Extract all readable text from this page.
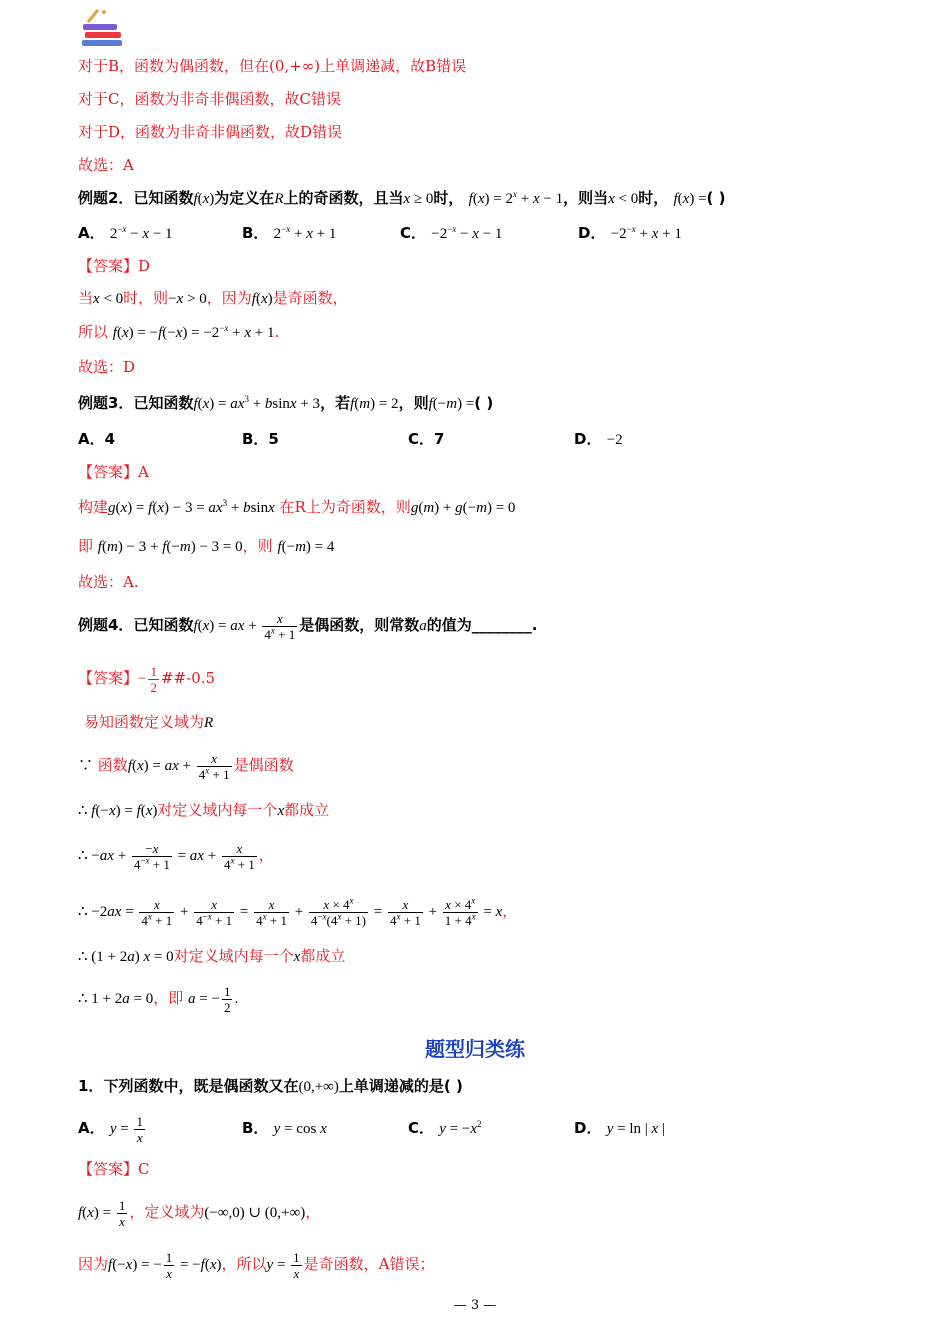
对于B，函数为偶函数，但在(0,+∞)上单调递减，故B错误
对于C，函数为非奇非偶函数，故C错误
对于D，函数为非奇非偶函数，故D错误
故选：A
例题2．已知函数f(x)为定义在R上的奇函数，且当x ≥ 0时， $f(x) = 2^x + x - 1$，则当x < 0时， f(x) =( )
A． $2^{-x} - x - 1$	B． $2^{-x} + x + 1$	C． $-2^{-x} - x - 1$	D． $-2^{-x} + x + 1$
【答案】D
当x < 0时，则−x > 0，因为f(x)是奇函数，
所以 $f(x) = -f(-x) = -2^{-x} + x + 1$.
故选：D
例题3．已知函数$f(x) = ax^3 + bsinx + 3$，若f(m) = 2，则f(−m) =( )
A．4	B．5	C．7	D． −2
【答案】A
构建$g(x) = f(x) - 3 = ax^3 + bsinx$ 在R上为奇函数，则g(m) + g(−m) = 0
即 f(m) − 3 + f(−m) − 3 = 0，则 f(−m) = 4
故选：A.
例题4．已知函数f(x) = ax + $\frac{x}{4^x + 1}$ 是偶函数，则常数a的值为________.
【答案】− $\frac{1}{2}$ ##-0.5
易知函数定义域为R
∵ 函数f(x) = ax + $\frac{x}{4^x + 1}$ 是偶函数
∴ f(−x) = f(x)对定义域内每一个x都成立
∴ $-ax + \frac{-x}{4^{-x} + 1}$ = ax + $\frac{x}{4^x + 1}$ ，
∴ $-2ax = \frac{x}{4^x + 1} + \frac{x}{4^{-x} + 1} = \frac{x}{4^x + 1} + \frac{x \times 4^x}{4^{-x}(4^x + 1)} = \frac{x}{4^x + 1} + \frac{x \times 4^x}{1 + 4^x} = x$，
∴ (1 + 2a) x = 0对定义域内每一个x都成立
∴ 1 + 2a = 0，即 a = − $\frac{1}{2}$ .
题型归类练
1．下列函数中，既是偶函数又在(0,+∞)上单调递减的是( )
A． $y = \frac{1}{x}$	B． y = cos x	C． $y = -x^2$	D． y = ln | x |
【答案】C
$f(x) = \frac{1}{x}$ ，定义域为(−∞,0) ∪ (0,+∞)，
因为f(−x) = − $\frac{1}{x} = -f(x)$，所以$y = \frac{1}{x}$ 是奇函数，A错误；
— 3 —
